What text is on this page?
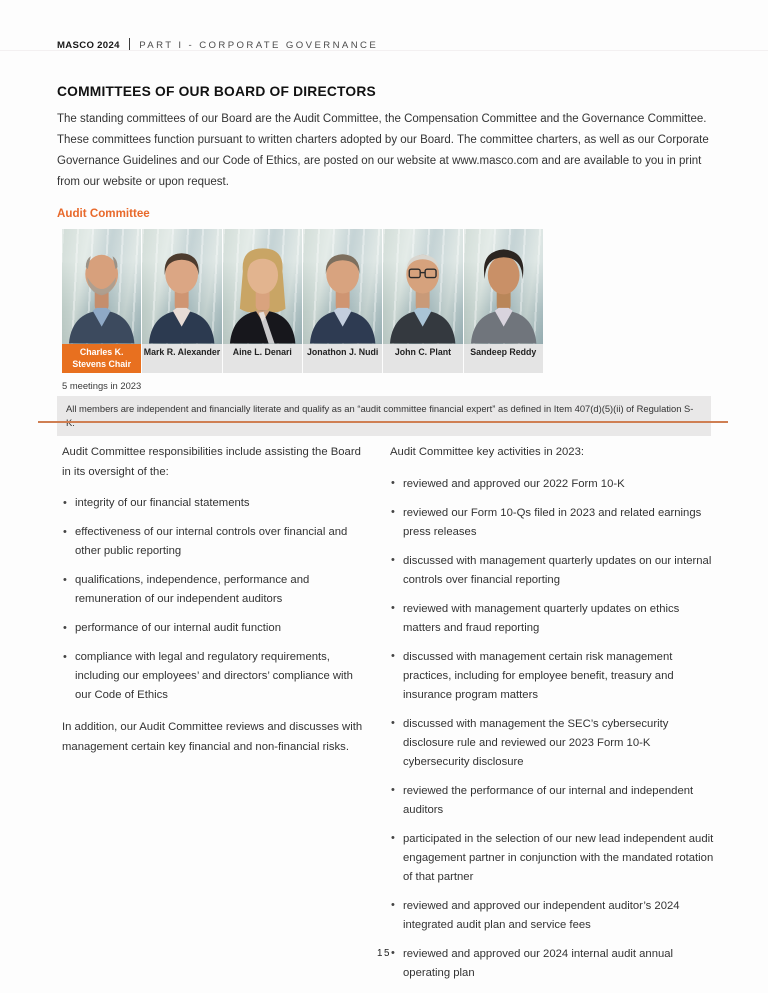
MASCO 2024 PART I - CORPORATE GOVERNANCE
COMMITTEES OF OUR BOARD OF DIRECTORS
The standing committees of our Board are the Audit Committee, the Compensation Committee and the Governance Committee. These committees function pursuant to written charters adopted by our Board. The committee charters, as well as our Corporate Governance Guidelines and our Code of Ethics, are posted on our website at www.masco.com and are available to you in print from our website or upon request.
Audit Committee
Charles K. Stevens Chair
Mark R. Alexander	Aine L. Denari	Jonathon J. Nudi	John C. Plant	Sandeep Reddy
5 meetings in 2023
All members are independent and financially literate and qualify as an “audit committee financial expert” as defined in Item 407(d)(5)(ii) of Regulation S-K.
Audit Committee responsibilities include assisting the Board in its oversight of the:
• integrity of our financial statements
• effectiveness of our internal controls over financial and other public reporting
• qualifications, independence, performance and remuneration of our independent auditors
• performance of our internal audit function
• compliance with legal and regulatory requirements, including our employees’ and directors’ compliance with our Code of Ethics
In addition, our Audit Committee reviews and discusses with management certain key financial and non-financial risks.
Audit Committee key activities in 2023:
• reviewed and approved our 2022 Form 10-K
• reviewed our Form 10-Qs filed in 2023 and related earnings press releases
• discussed with management quarterly updates on our internal controls over financial reporting
• reviewed with management quarterly updates on ethics matters and fraud reporting
• discussed with management certain risk management practices, including for employee benefit, treasury and insurance program matters
• discussed with management the SEC’s cybersecurity disclosure rule and reviewed our 2023 Form 10-K cybersecurity disclosure
• reviewed the performance of our internal and independent auditors
• participated in the selection of our new lead independent audit engagement partner in conjunction with the mandated rotation of that partner
• reviewed and approved our independent auditor’s 2024 integrated audit plan and service fees
• reviewed and approved our 2024 internal audit annual operating plan
15
